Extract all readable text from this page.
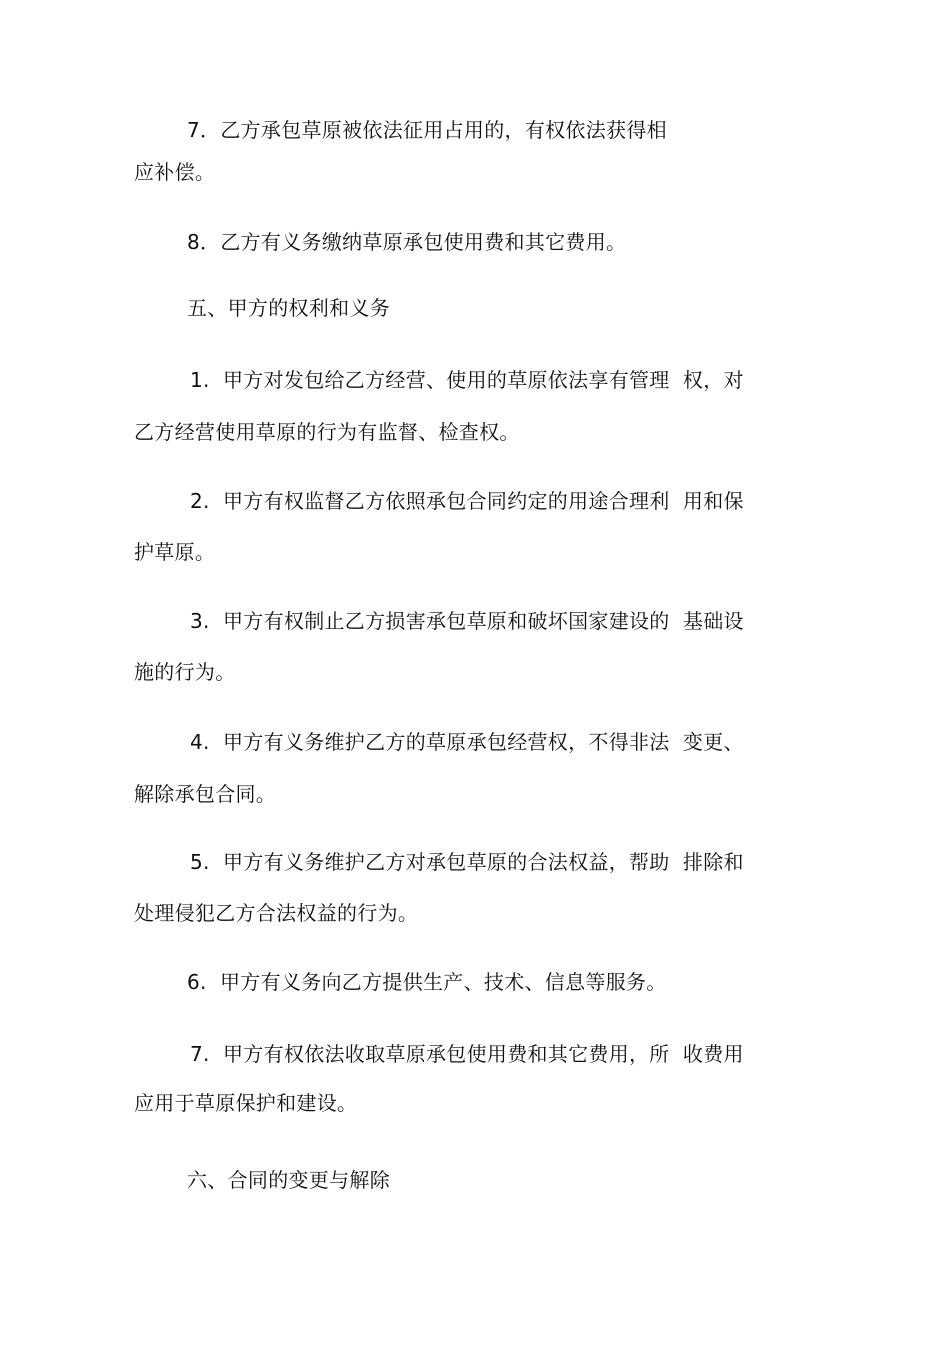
7．乙方承包草原被依法征用占用的，有权依法获得相

应补偿。

8．乙方有义务缴纳草原承包使用费和其它费用。

五、甲方的权利和义务

1.  甲方对发包给乙方经营、使用的草原依法享有管理  权，对

乙方经营使用草原的行为有监督、检查权。

2.  甲方有权监督乙方依照承包合同约定的用途合理利  用和保

护草原。

3.  甲方有权制止乙方损害承包草原和破坏国家建设的  基础设

施的行为。

4.  甲方有义务维护乙方的草原承包经营权，不得非法  变更、

解除承包合同。

5.  甲方有义务维护乙方对承包草原的合法权益，帮助  排除和

处理侵犯乙方合法权益的行为。

6.  甲方有义务向乙方提供生产、技术、信息等服务。

7.  甲方有权依法收取草原承包使用费和其它费用，所  收费用

应用于草原保护和建设。

六、合同的变更与解除
